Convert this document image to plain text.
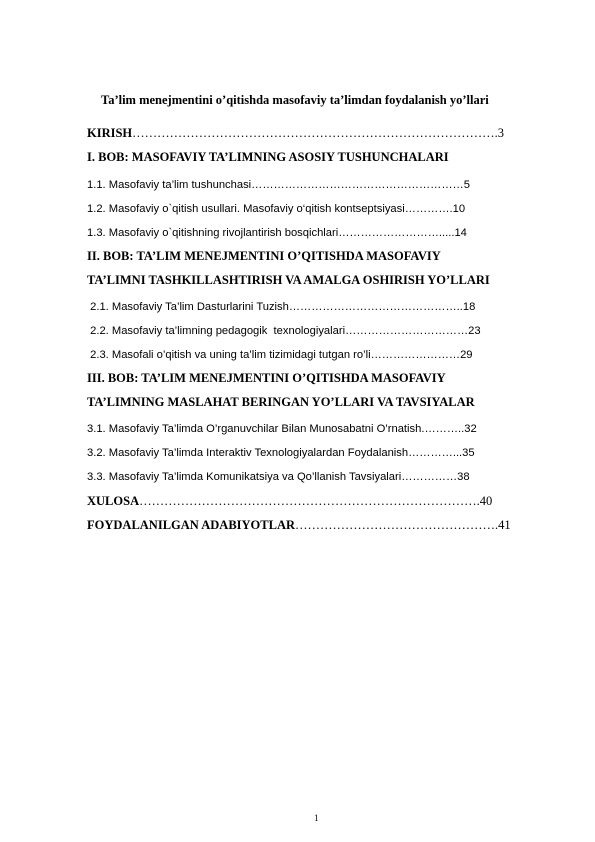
Ta’lim menejmentini o’qitishda masofaviy ta’limdan foydalanish yo’llari
KIRISH…………………………………………………………………………….3
I. BOB: MASOFAVIY TA’LIMNING ASOSIY TUSHUNCHALARI
1.1. Masofaviy ta’lim tushunchasi…………………………………………………5
1.2. Masofaviy o`qitish usullari. Masofaviy o‘qitish kontseptsiyasi………….10
1.3. Masofaviy o`qitishning rivojlantirish bosqichlari……………………….....14
II. BOB: TA’LIM MENEJMENTINI O’QITISHDA MASOFAVIY
TA’LIMNI TASHKILLASHTIRISH VA AMALGA OSHIRISH YO’LLARI
2.1. Masofaviy Ta’lim Dasturlarini Tuzish………………………………………..18
2.2. Masofaviy ta’limning pedagogik  texnologiyalari……………………………23
2.3. Masofali o’qitish va uning ta’lim tizimidagi tutgan ro’li……………………29
III. BOB: TA’LIM MENEJMENTINI O’QITISHDA MASOFAVIY
TA’LIMNING MASLAHAT BERINGAN YO’LLARI VA TAVSIYALAR
3.1. Masofaviy Ta’limda O’rganuvchilar Bilan Munosabatni O’rnatish.………..32
3.2. Masofaviy Ta’limda Interaktiv Texnologiyalardan Foydalanish…………...35
3.3. Masofaviy Ta’limda Komunikatsiya va Qo’llanish Tavsiyalari……………38
XULOSA……………………………………………………………………….40
FOYDALANILGAN ADABIYOTLAR………………………………………….41
1
